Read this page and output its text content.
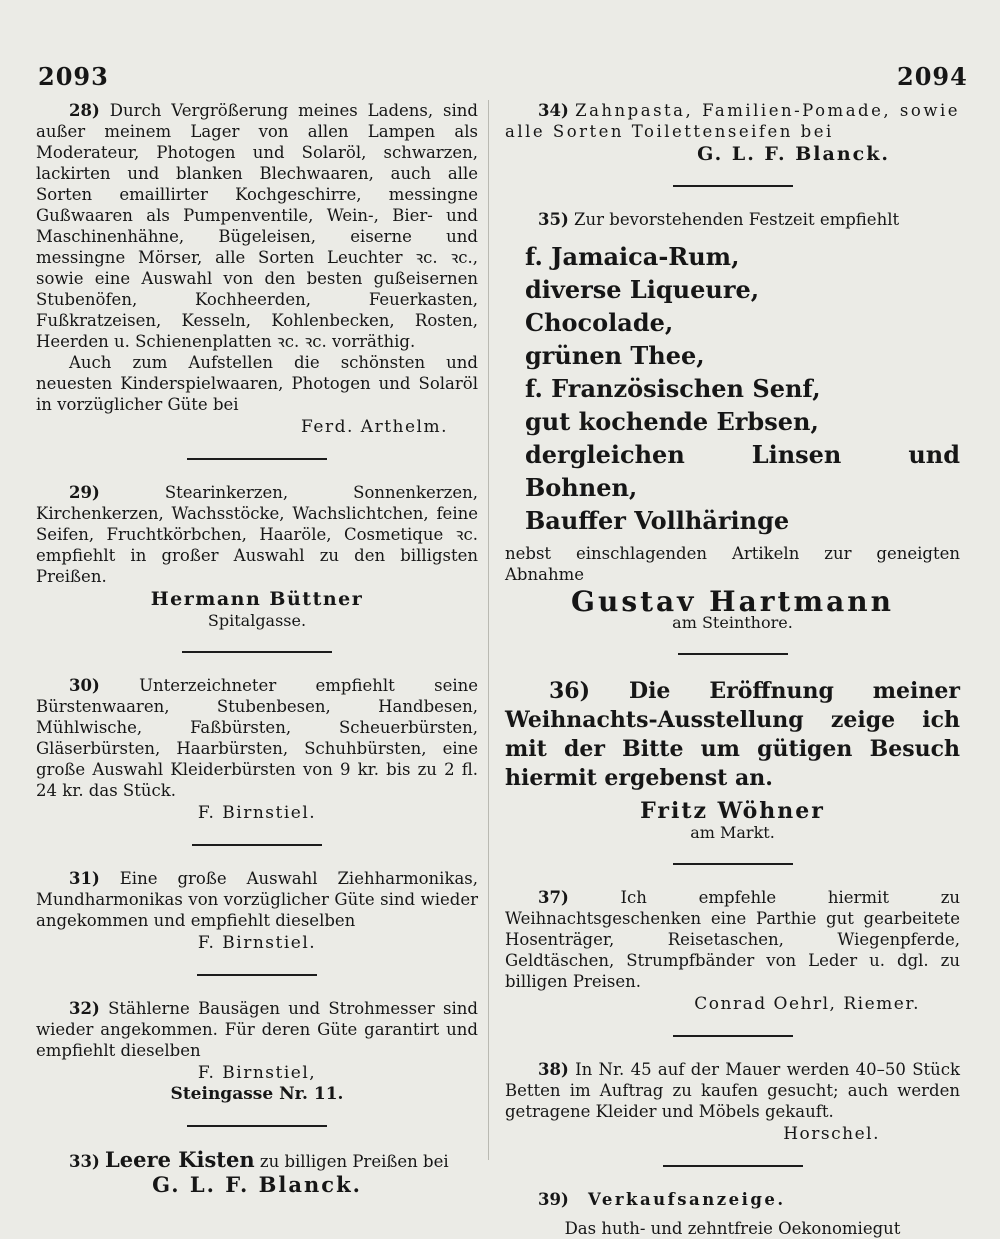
2093	2094

28) Durch Vergrößerung meines Ladens, sind außer meinem Lager von allen Lampen als Moderateur, Photogen und Solaröl, schwarzen, lackirten und blanken Blechwaaren, auch alle Sorten emaillirter Kochgeschirre, messingne Gußwaaren als Pumpenventile, Wein-, Bier- und Maschinenhähne, Bügeleisen, eiserne und messingne Mörser, alle Sorten Leuchter ꝛc. ꝛc., sowie eine Auswahl von den besten gußeisernen Stubenöfen, Kochheerden, Feuerkasten, Fußkratzeisen, Kesseln, Kohlenbecken, Rosten, Heerden u. Schienenplatten ꝛc. ꝛc. vorräthig.

Auch zum Aufstellen die schönsten und neuesten Kinderspielwaaren, Photogen und Solaröl in vorzüglicher Güte bei

Ferd. Arthelm.

29)	Stearinkerzen, Sonnenkerzen, Kirchenkerzen, Wachsstöcke, Wachslichtchen, feine Seifen, Fruchtkörbchen, Haaröle, Cosmetique ꝛc. empfiehlt in großer Auswahl zu den billigsten Preißen.

Hermann Büttner
Spitalgasse.

30) Unterzeichneter empfiehlt seine Bürstenwaaren, Stubenbesen, Handbesen, Mühlwische, Faßbürsten, Scheuerbürsten, Gläserbürsten, Haarbürsten, Schuhbürsten, eine große Auswahl Kleiderbürsten von 9 kr. bis zu 2 fl. 24 kr. das Stück.

F. Birnstiel.

31) Eine große Auswahl Ziehharmonikas, Mundharmonikas von vorzüglicher Güte sind wieder angekommen und empfiehlt dieselben

F. Birnstiel.

32) Stählerne Bausägen und Strohmesser sind wieder angekommen. Für deren Güte garantirt und empfiehlt dieselben

F. Birnstiel,
Steingasse Nr. 11.

33) Leere Kisten zu billigen Preißen bei

G. L. F. Blanck.

34) Zahnpasta, Familien-Pomade, sowie alle Sorten Toilettenseifen bei

G. L. F. Blanck.

35) Zur bevorstehenden Festzeit empfiehlt

f. Jamaica-Rum,
diverse Liqueure,
Chocolade,
grünen Thee,
f. Französischen Senf,
gut kochende Erbsen,
dergleichen Linsen und Bohnen,
Bauffer Vollhäringe

nebst einschlagenden Artikeln zur geneigten Abnahme

Gustav Hartmann
am Steinthore.

36) Die Eröffnung meiner Weihnachts-Ausstellung zeige ich mit der Bitte um gütigen Besuch hiermit ergebenst an.

Fritz Wöhner
am Markt.

37)	Ich empfehle hiermit zu Weihnachtsgeschenken eine Parthie gut gearbeitete Hosenträger, Reisetaschen, Wiegenpferde, Geldtäschen, Strumpfbänder von Leder u. dgl. zu billigen Preisen.

Conrad Oehrl, Riemer.

38) In Nr. 45 auf der Mauer werden 40–50 Stück Betten im Auftrag zu kaufen gesucht; auch werden getragene Kleider und Möbels gekauft.

Horschel.

39) Verkaufsanzeige.

Das huth- und zehntfreie Oekonomiegut
